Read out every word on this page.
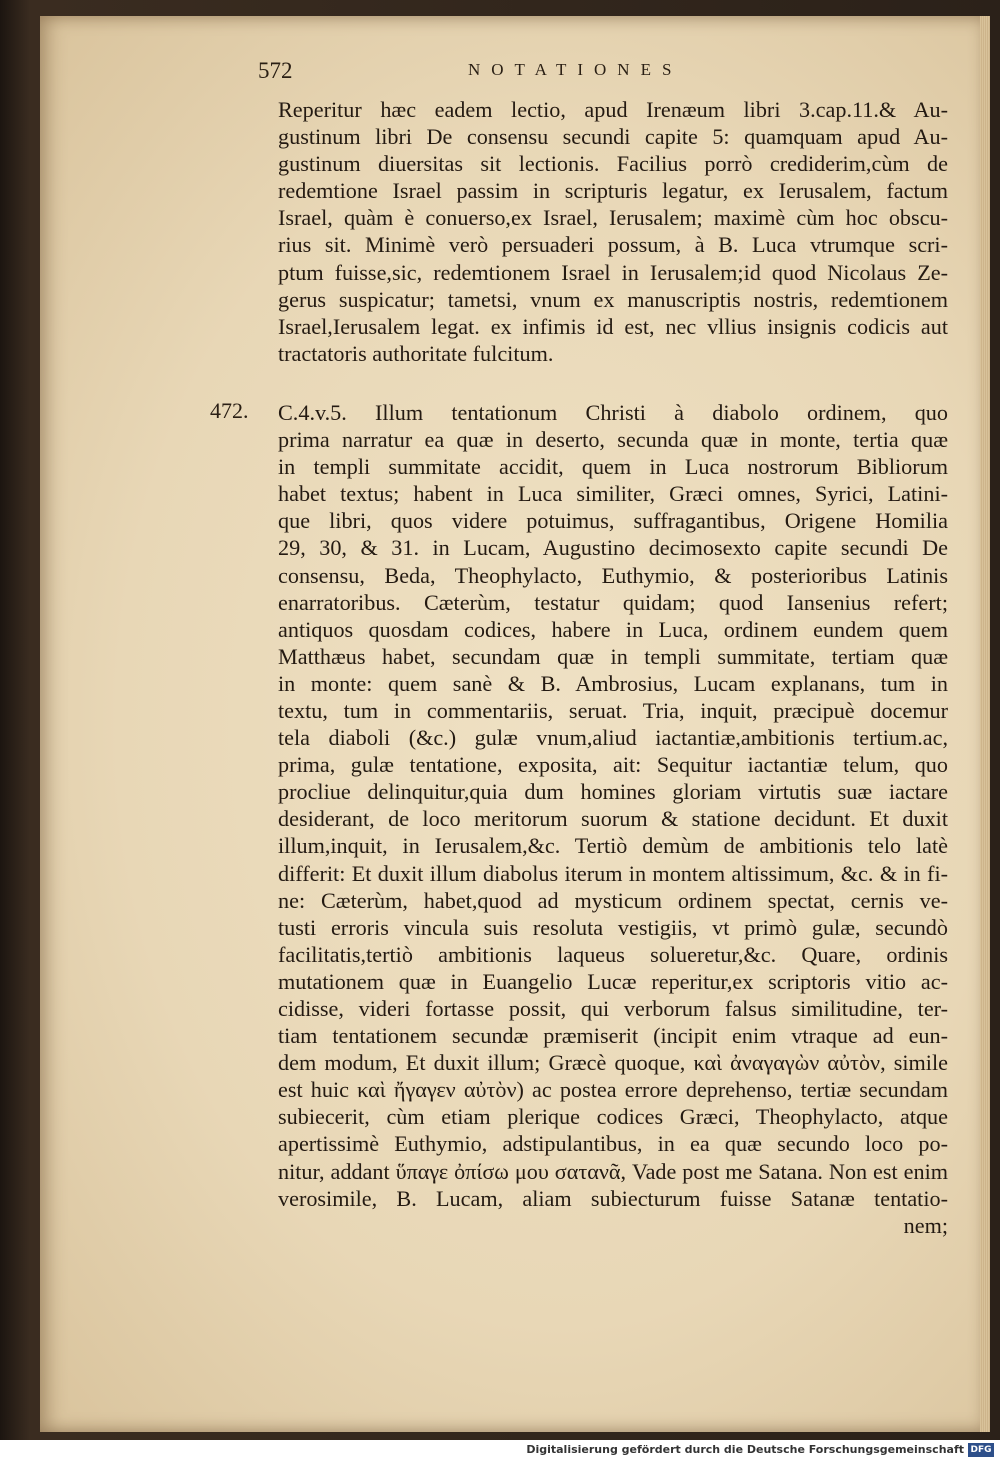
572	NOTATIONES
472.
Reperitur hæc eadem lectio, apud Irenæum libri 3.cap.11.& Au-
gustinum libri De consensu secundi capite 5: quamquam apud Au-
gustinum diuersitas sit lectionis. Facilius porrò crediderim,cùm de
redemtione Israel passim in scripturis legatur, ex Ierusalem, factum
Israel, quàm è conuerso,ex Israel, Ierusalem; maximè cùm hoc obscu-
rius sit. Minimè verò persuaderi possum, à B. Luca vtrumque scri-
ptum fuisse,sic, redemtionem Israel in Ierusalem;id quod Nicolaus Ze-
gerus suspicatur; tametsi, vnum ex manuscriptis nostris, redemtionem
Israel,Ierusalem legat. ex infimis id est, nec vllius insignis codicis aut
tractatoris authoritate fulcitum.
C.4.v.5. Illum tentationum Christi à diabolo ordinem, quo
prima narratur ea quæ in deserto, secunda quæ in monte, tertia quæ
in templi summitate accidit, quem in Luca nostrorum Bibliorum
habet textus; habent in Luca similiter, Græci omnes, Syrici, Latini-
que libri, quos videre potuimus, suffragantibus, Origene Homilia
29, 30, & 31. in Lucam, Augustino decimosexto capite secundi De
consensu, Beda, Theophylacto, Euthymio, & posterioribus Latinis
enarratoribus. Cæterùm, testatur quidam; quod Iansenius refert;
antiquos quosdam codices, habere in Luca, ordinem eundem quem
Matthæus habet, secundam quæ in templi summitate, tertiam quæ
in monte: quem sanè & B. Ambrosius, Lucam explanans, tum in
textu, tum in commentariis, seruat. Tria, inquit, præcipuè docemur
tela diaboli (&c.) gulæ vnum,aliud iactantiæ,ambitionis tertium.ac,
prima, gulæ tentatione, exposita, ait: Sequitur iactantiæ telum, quo
procliue delinquitur,quia dum homines gloriam virtutis suæ iactare
desiderant, de loco meritorum suorum & statione decidunt. Et duxit
illum,inquit, in Ierusalem,&c. Tertiò demùm de ambitionis telo latè
differit: Et duxit illum diabolus iterum in montem altissimum, &c. & in fi-
ne: Cæterùm, habet,quod ad mysticum ordinem spectat, cernis ve-
tusti erroris vincula suis resoluta vestigiis, vt primò gulæ, secundò
facilitatis,tertiò ambitionis laqueus solueretur,&c. Quare, ordinis
mutationem quæ in Euangelio Lucæ reperitur,ex scriptoris vitio ac-
cidisse, videri fortasse possit, qui verborum falsus similitudine, ter-
tiam tentationem secundæ præmiserit (incipit enim vtraque ad eun-
dem modum, Et duxit illum; Græcè quoque, καὶ ἀναγαγὼν αὐτὸν, simile
est huic καὶ ἤγαγεν αὐτὸν) ac postea errore deprehenso, tertiæ secundam
subiecerit, cùm etiam plerique codices Græci, Theophylacto, atque
apertissimè Euthymio, adstipulantibus, in ea quæ secundo loco po-
nitur, addant ὕπαγε ὀπίσω μου σατανᾶ, Vade post me Satana. Non est enim
verosimile, B. Lucam, aliam subiecturum fuisse Satanæ tentatio-
nem;
Digitalisierung gefördert durch die Deutsche Forschungsgemeinschaft DFG
